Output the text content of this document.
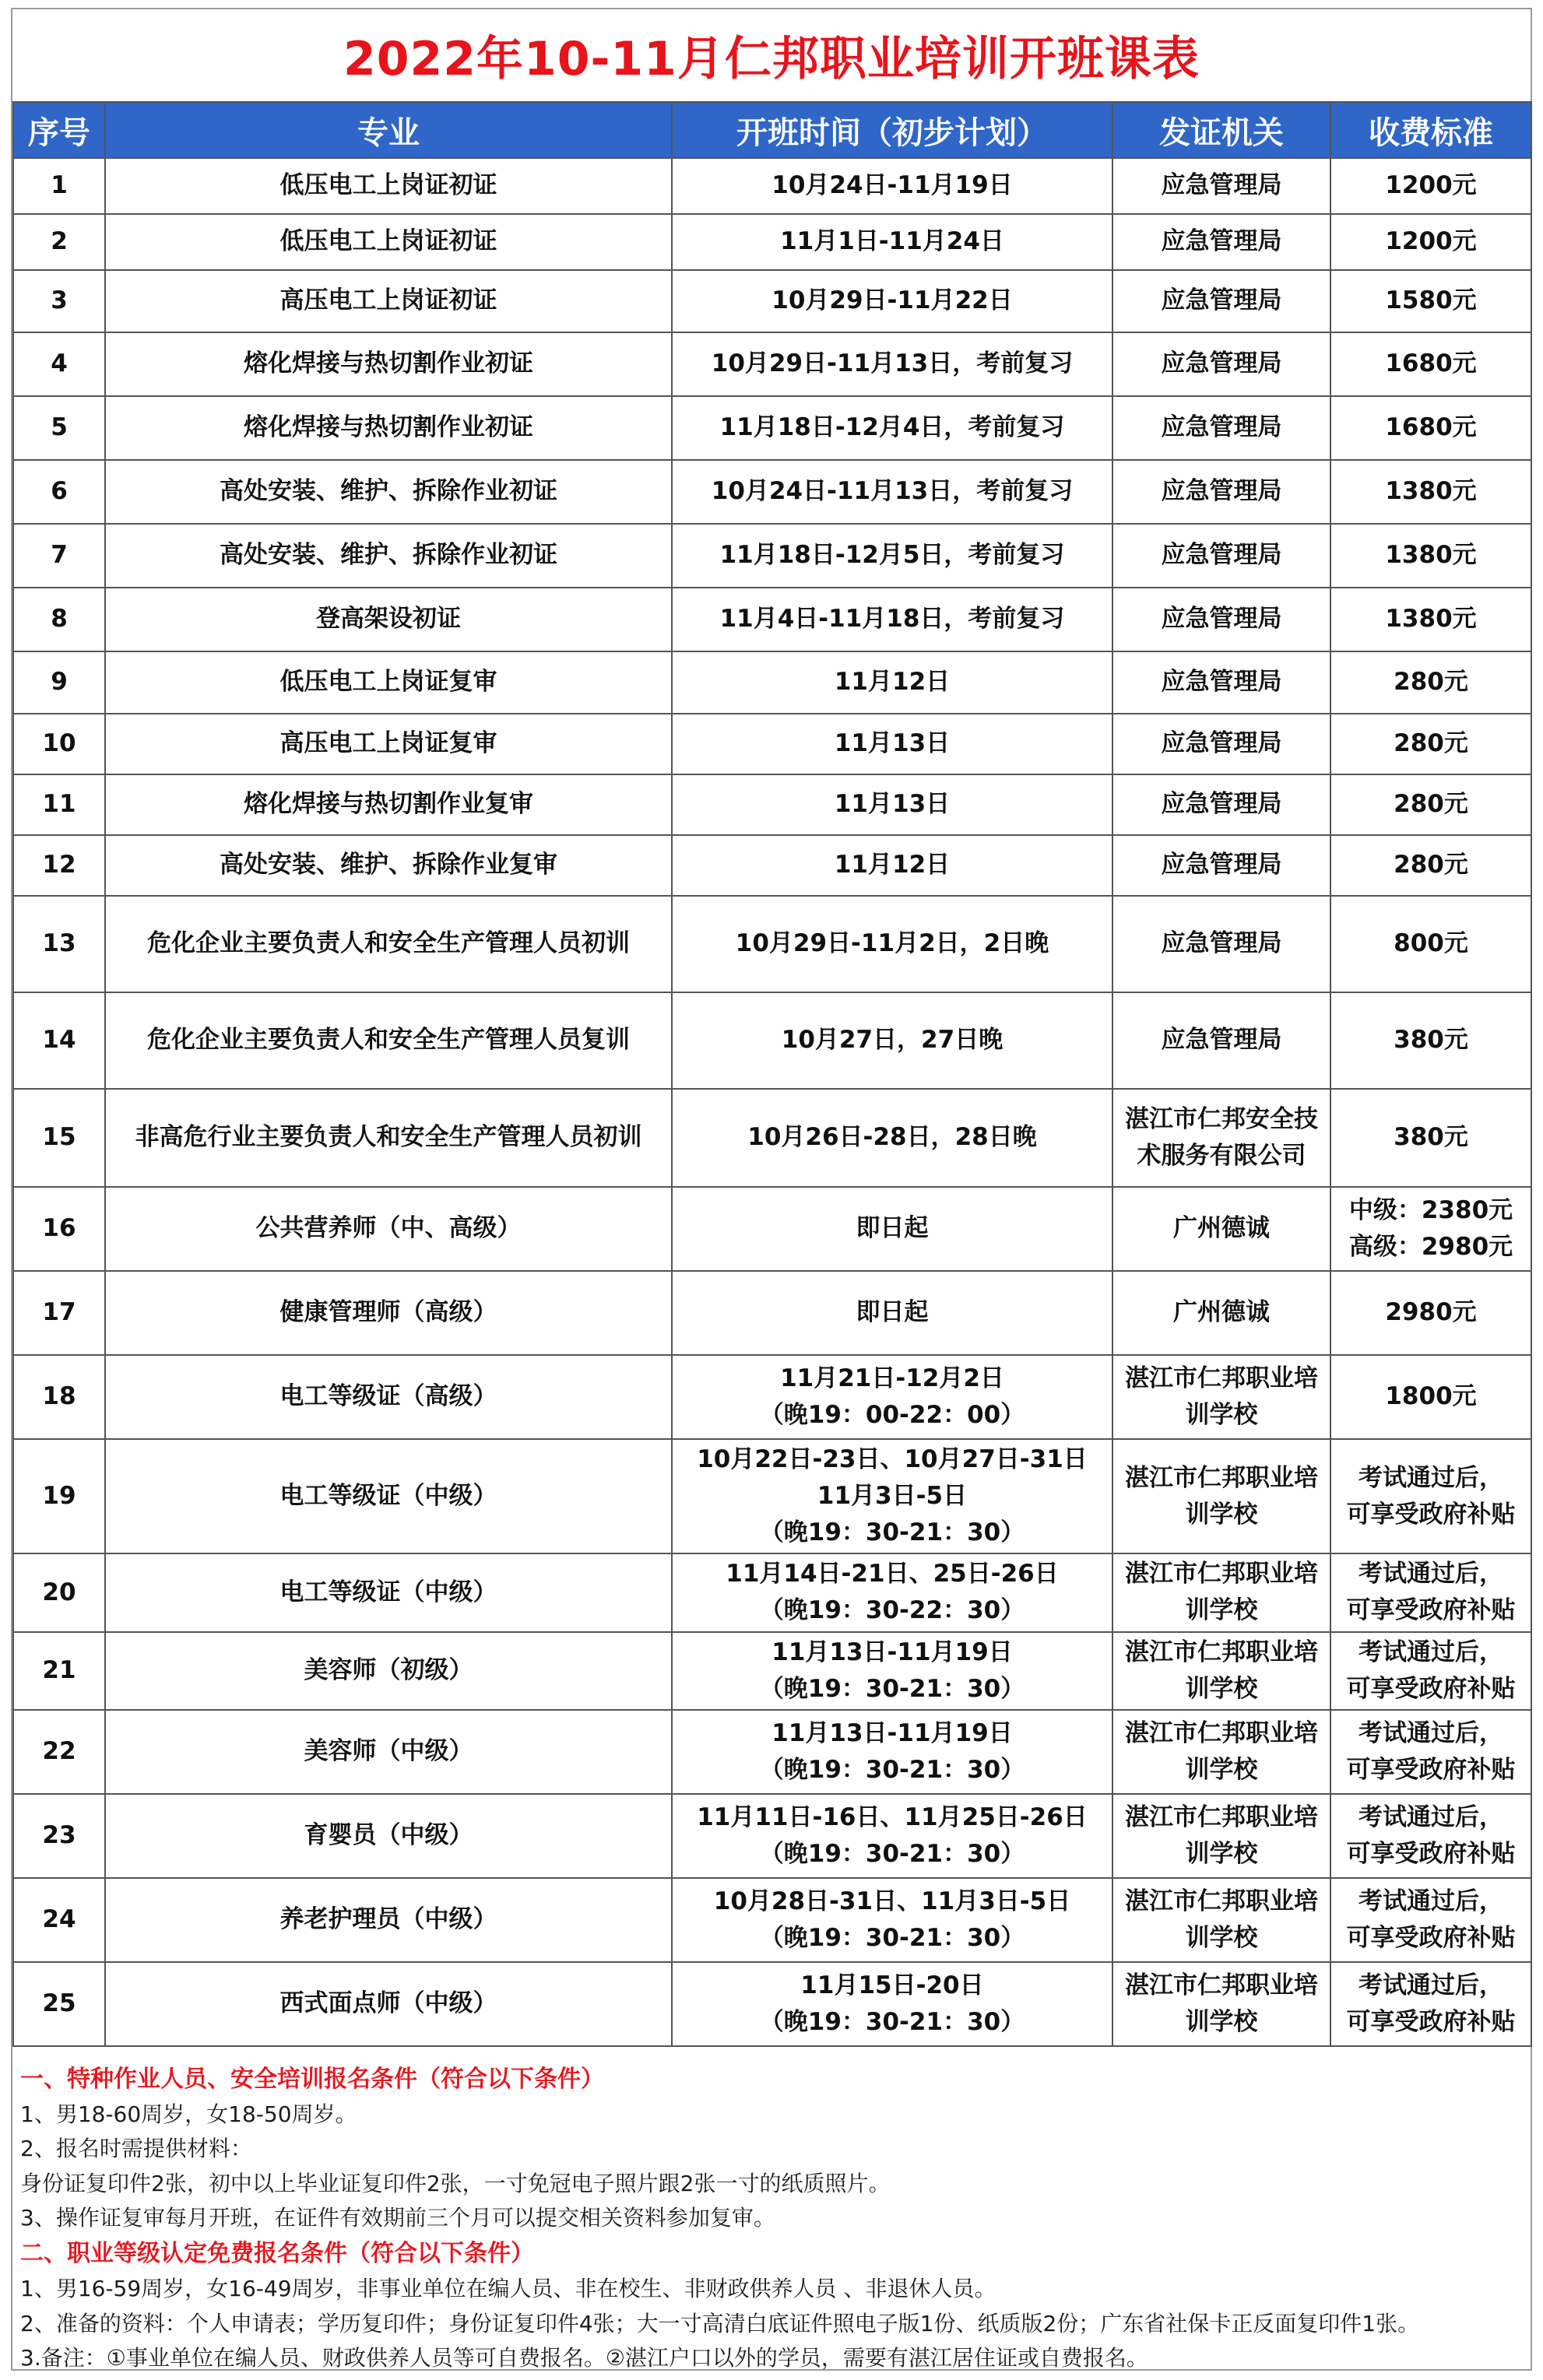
2022年10-11月仁邦职业培训开班课表
序号	专业	开班时间（初步计划）	发证机关	收费标准
1	低压电工上岗证初证	10月24日-11月19日	应急管理局	1200元
2	低压电工上岗证初证	11月1日-11月24日	应急管理局	1200元
3	高压电工上岗证初证	10月29日-11月22日	应急管理局	1580元
4	熔化焊接与热切割作业初证	10月29日-11月13日，考前复习	应急管理局	1680元
5	熔化焊接与热切割作业初证	11月18日-12月4日，考前复习	应急管理局	1680元
6	高处安装、维护、拆除作业初证	10月24日-11月13日，考前复习	应急管理局	1380元
7	高处安装、维护、拆除作业初证	11月18日-12月5日，考前复习	应急管理局	1380元
8	登高架设初证	11月4日-11月18日，考前复习	应急管理局	1380元
9	低压电工上岗证复审	11月12日	应急管理局	280元
10	高压电工上岗证复审	11月13日	应急管理局	280元
11	熔化焊接与热切割作业复审	11月13日	应急管理局	280元
12	高处安装、维护、拆除作业复审	11月12日	应急管理局	280元
13	危化企业主要负责人和安全生产管理人员初训	10月29日-11月2日，2日晚	应急管理局	800元
14	危化企业主要负责人和安全生产管理人员复训	10月27日，27日晚	应急管理局	380元
15	非高危行业主要负责人和安全生产管理人员初训	10月26日-28日，28日晚	湛江市仁邦安全技
术服务有限公司	380元
16	公共营养师（中、高级）	即日起	广州德诚	中级：2380元
高级：2980元
17	健康管理师（高级）	即日起	广州德诚	2980元
18	电工等级证（高级）	11月21日-12月2日
（晚19：00-22：00）	湛江市仁邦职业培
训学校	1800元
19	电工等级证（中级）	10月22日-23日、10月27日-31日
11月3日-5日
（晚19：30-21：30）	湛江市仁邦职业培
训学校	考试通过后，
可享受政府补贴
20	电工等级证（中级）	11月14日-21日、25日-26日
（晚19：30-22：30）	湛江市仁邦职业培
训学校	考试通过后，
可享受政府补贴
21	美容师（初级）	11月13日-11月19日
（晚19：30-21：30）	湛江市仁邦职业培
训学校	考试通过后，
可享受政府补贴
22	美容师（中级）	11月13日-11月19日
（晚19：30-21：30）	湛江市仁邦职业培
训学校	考试通过后，
可享受政府补贴
23	育婴员（中级）	11月11日-16日、11月25日-26日
（晚19：30-21：30）	湛江市仁邦职业培
训学校	考试通过后，
可享受政府补贴
24	养老护理员（中级）	10月28日-31日、11月3日-5日
（晚19：30-21：30）	湛江市仁邦职业培
训学校	考试通过后，
可享受政府补贴
25	西式面点师（中级）	11月15日-20日
（晚19：30-21：30）	湛江市仁邦职业培
训学校	考试通过后，
可享受政府补贴
一、特种作业人员、安全培训报名条件（符合以下条件）
1、男18-60周岁，女18-50周岁。
2、报名时需提供材料：
身份证复印件2张，初中以上毕业证复印件2张，一寸免冠电子照片跟2张一寸的纸质照片。
3、操作证复审每月开班，在证件有效期前三个月可以提交相关资料参加复审。
二、职业等级认定免费报名条件（符合以下条件）
1、男16-59周岁，女16-49周岁，非事业单位在编人员、非在校生、非财政供养人员 、非退休人员。
2、准备的资料：个人申请表；学历复印件；身份证复印件4张；大一寸高清白底证件照电子版1份、纸质版2份；广东省社保卡正反面复印件1张。
3.备注：①事业单位在编人员、财政供养人员等可自费报名。②湛江户口以外的学员，需要有湛江居住证或自费报名。
